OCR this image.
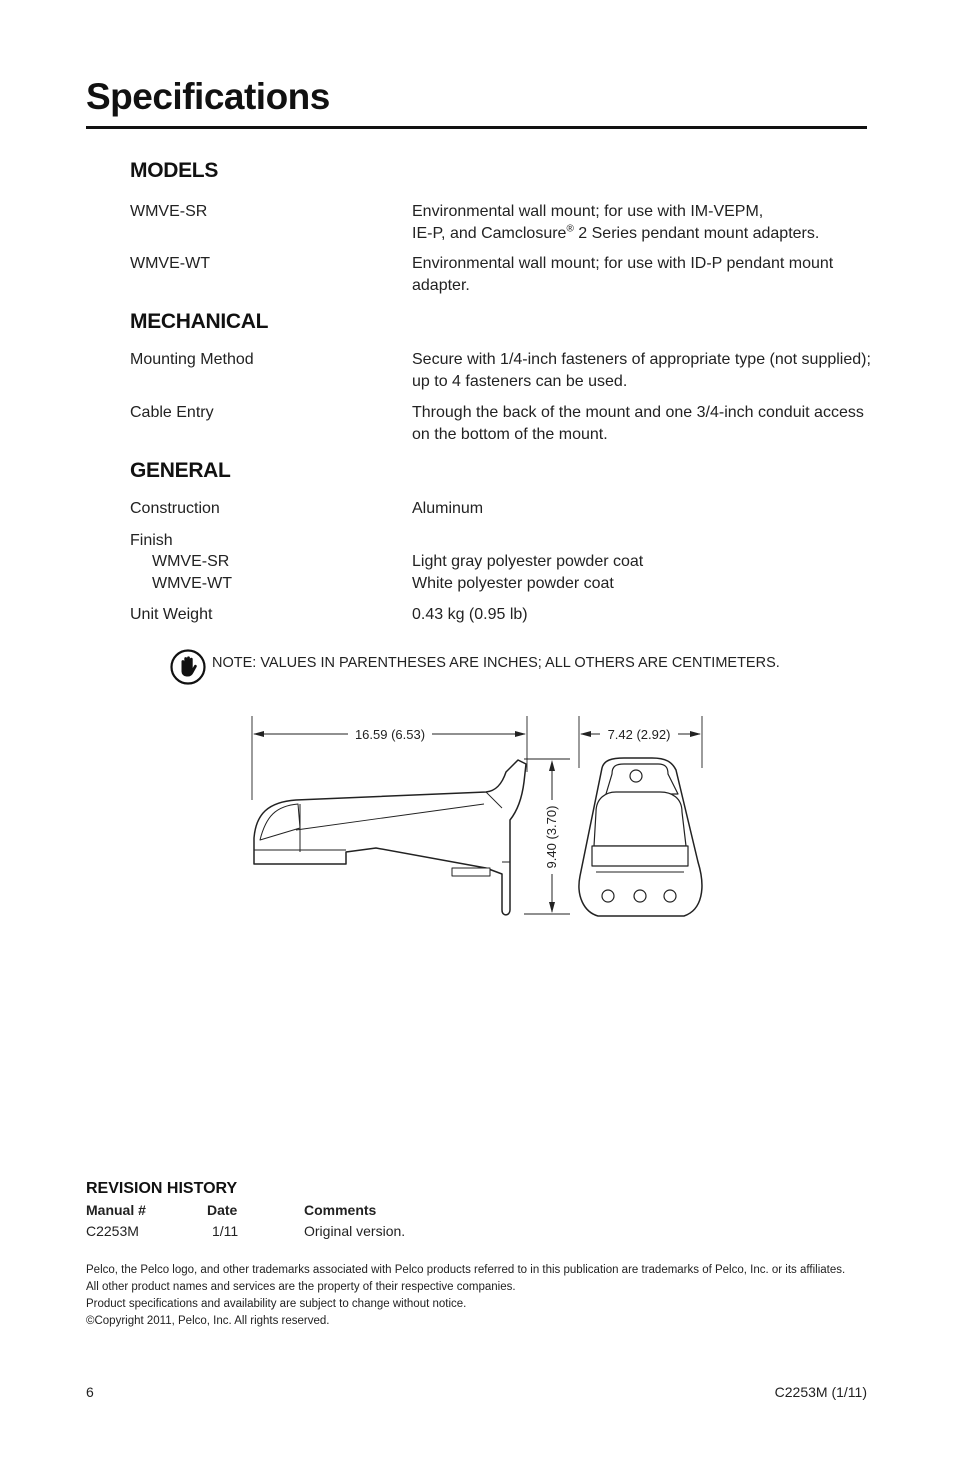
Specifications
MODELS
WMVE-SR	Environmental wall mount; for use with IM-VEPM,
IE-P, and Camclosure® 2 Series pendant mount adapters.
WMVE-WT	Environmental wall mount; for use with ID-P pendant mount
adapter.
MECHANICAL
Mounting Method	Secure with 1/4-inch fasteners of appropriate type (not supplied);
up to 4 fasteners can be used.
Cable Entry	Through the back of the mount and one 3/4-inch conduit access
on the bottom of the mount.
GENERAL
Construction	Aluminum
Finish
WMVE-SR	Light gray polyester powder coat
WMVE-WT	White polyester powder coat
Unit Weight	0.43 kg (0.95 lb)
NOTE: VALUES IN PARENTHESES ARE INCHES; ALL OTHERS ARE CENTIMETERS.
16.59 (6.53)	7.42 (2.92)
9.40 (3.70)
REVISION HISTORY
Manual #	Date	Comments
C2253M	1/11	Original version.
Pelco, the Pelco logo, and other trademarks associated with Pelco products referred to in this publication are trademarks of Pelco, Inc. or its affiliates.
All other product names and services are the property of their respective companies.
Product specifications and availability are subject to change without notice.
©Copyright 2011, Pelco, Inc. All rights reserved.
6	C2253M (1/11)
